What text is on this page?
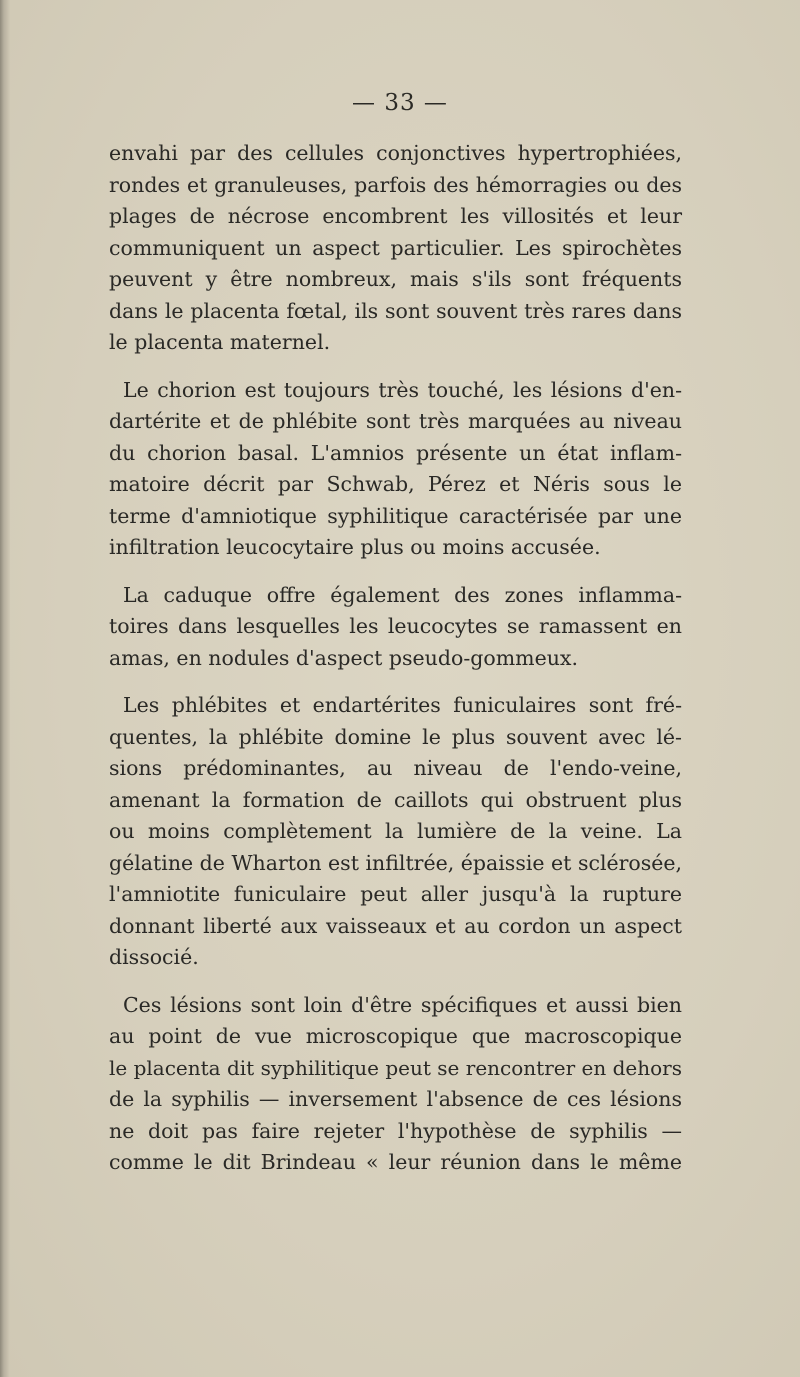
— 33 —

envahi par des cellules conjonctives hypertrophiées,
rondes et granuleuses, parfois des hémorragies ou des
plages de nécrose encombrent les villosités et leur
communiquent un aspect particulier. Les spirochètes
peuvent y être nombreux, mais s'ils sont fréquents
dans le placenta fœtal, ils sont souvent très rares dans
le placenta maternel.

Le chorion est toujours très touché, les lésions d'en-
dartérite et de phlébite sont très marquées au niveau
du chorion basal. L'amnios présente un état inflam-
matoire décrit par Schwab, Pérez et Néris sous le
terme d'amniotique syphilitique caractérisée par une
infiltration leucocytaire plus ou moins accusée.

La caduque offre également des zones inflamma-
toires dans lesquelles les leucocytes se ramassent en
amas, en nodules d'aspect pseudo-gommeux.

Les phlébites et endartérites funiculaires sont fré-
quentes, la phlébite domine le plus souvent avec lé-
sions prédominantes, au niveau de l'endo-veine,
amenant la formation de caillots qui obstruent plus
ou moins complètement la lumière de la veine. La
gélatine de Wharton est infiltrée, épaissie et sclérosée,
l'amniotite funiculaire peut aller jusqu'à la rupture
donnant liberté aux vaisseaux et au cordon un aspect
dissocié.

Ces lésions sont loin d'être spécifiques et aussi bien
au point de vue microscopique que macroscopique
le placenta dit syphilitique peut se rencontrer en dehors
de la syphilis — inversement l'absence de ces lésions
ne doit pas faire rejeter l'hypothèse de syphilis —
comme le dit Brindeau « leur réunion dans le même
